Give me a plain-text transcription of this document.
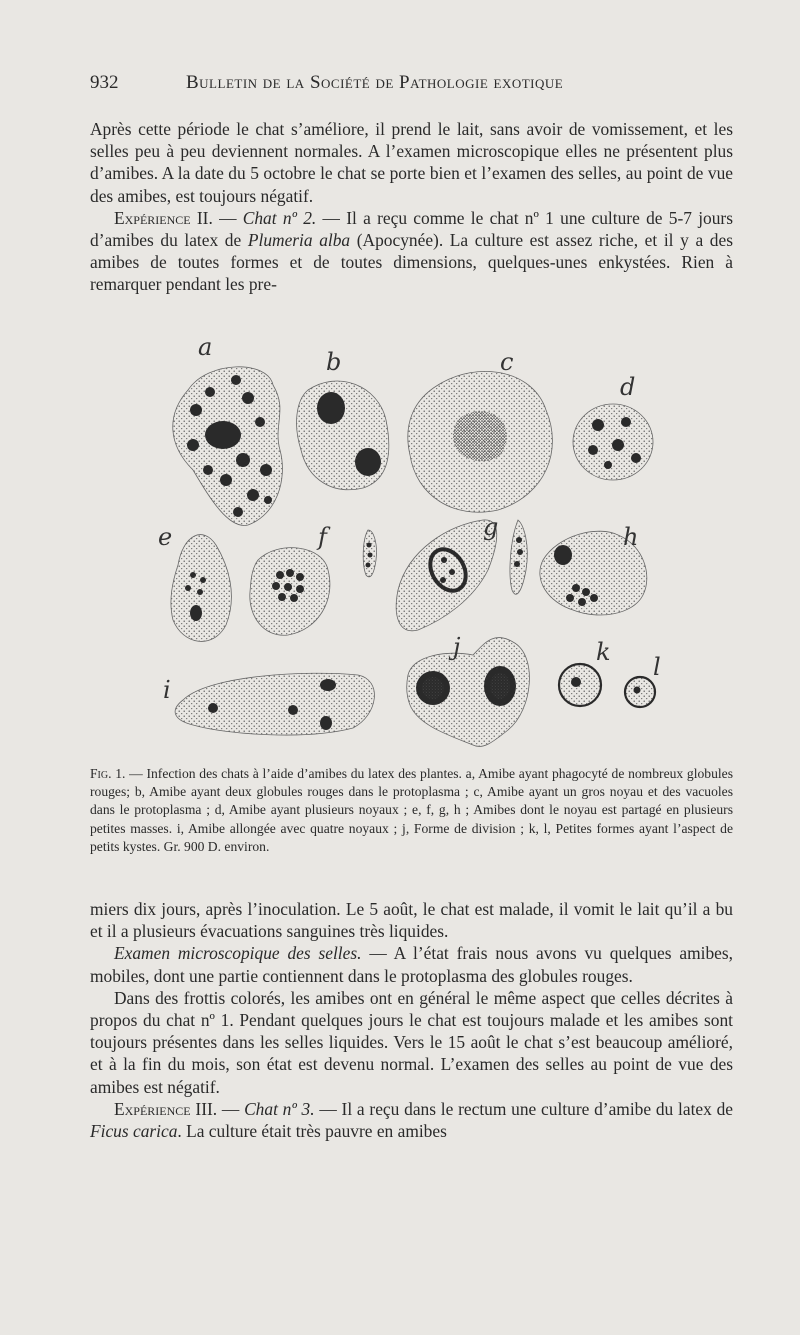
932	Bulletin de la Société de Pathologie exotique

Après cette période le chat s’améliore, il prend le lait, sans avoir de vomissement, et les selles peu à peu deviennent normales. A l’examen microscopique elles ne présentent plus d’amibes. A la date du 5 octobre le chat se porte bien et l’examen des selles, au point de vue des amibes, est toujours négatif.

Expérience II. — Chat nº 2. — Il a reçu comme le chat nº 1 une culture de 5-7 jours d’amibes du latex de Plumeria alba (Apocynée). La culture est assez riche, et il y a des amibes de toutes formes et de toutes dimensions, quelques-unes enkystées. Rien à remarquer pendant les pre-

a
b	c
d
e	f	g	h
i
j	k
l
Fig. 1. — Infection des chats à l’aide d’amibes du latex des plantes. a, Amibe ayant phagocyté de nombreux globules rouges; b, Amibe ayant deux globules rouges dans le protoplasma ; c, Amibe ayant un gros noyau et des vacuoles dans le protoplasma ; d, Amibe ayant plusieurs noyaux ; e, f, g, h ; Amibes dont le noyau est partagé en plusieurs petites masses. i, Amibe allongée avec quatre noyaux ; j, Forme de division ; k, l, Petites formes ayant l’aspect de petits kystes. Gr. 900 D. environ.

miers dix jours, après l’inoculation. Le 5 août, le chat est malade, il vomit le lait qu’il a bu et il a plusieurs évacuations sanguines très liquides.

Examen microscopique des selles. — A l’état frais nous avons vu quelques amibes, mobiles, dont une partie contiennent dans le protoplasma des globules rouges.

Dans des frottis colorés, les amibes ont en général le même aspect que celles décrites à propos du chat nº 1. Pendant quelques jours le chat est toujours malade et les amibes sont toujours présentes dans les selles liquides. Vers le 15 août le chat s’est beaucoup amélioré, et à la fin du mois, son état est devenu normal. L’examen des selles au point de vue des amibes est négatif.

Expérience III. — Chat nº 3. — Il a reçu dans le rectum une culture d’amibe du latex de Ficus carica. La culture était très pauvre en amibes
